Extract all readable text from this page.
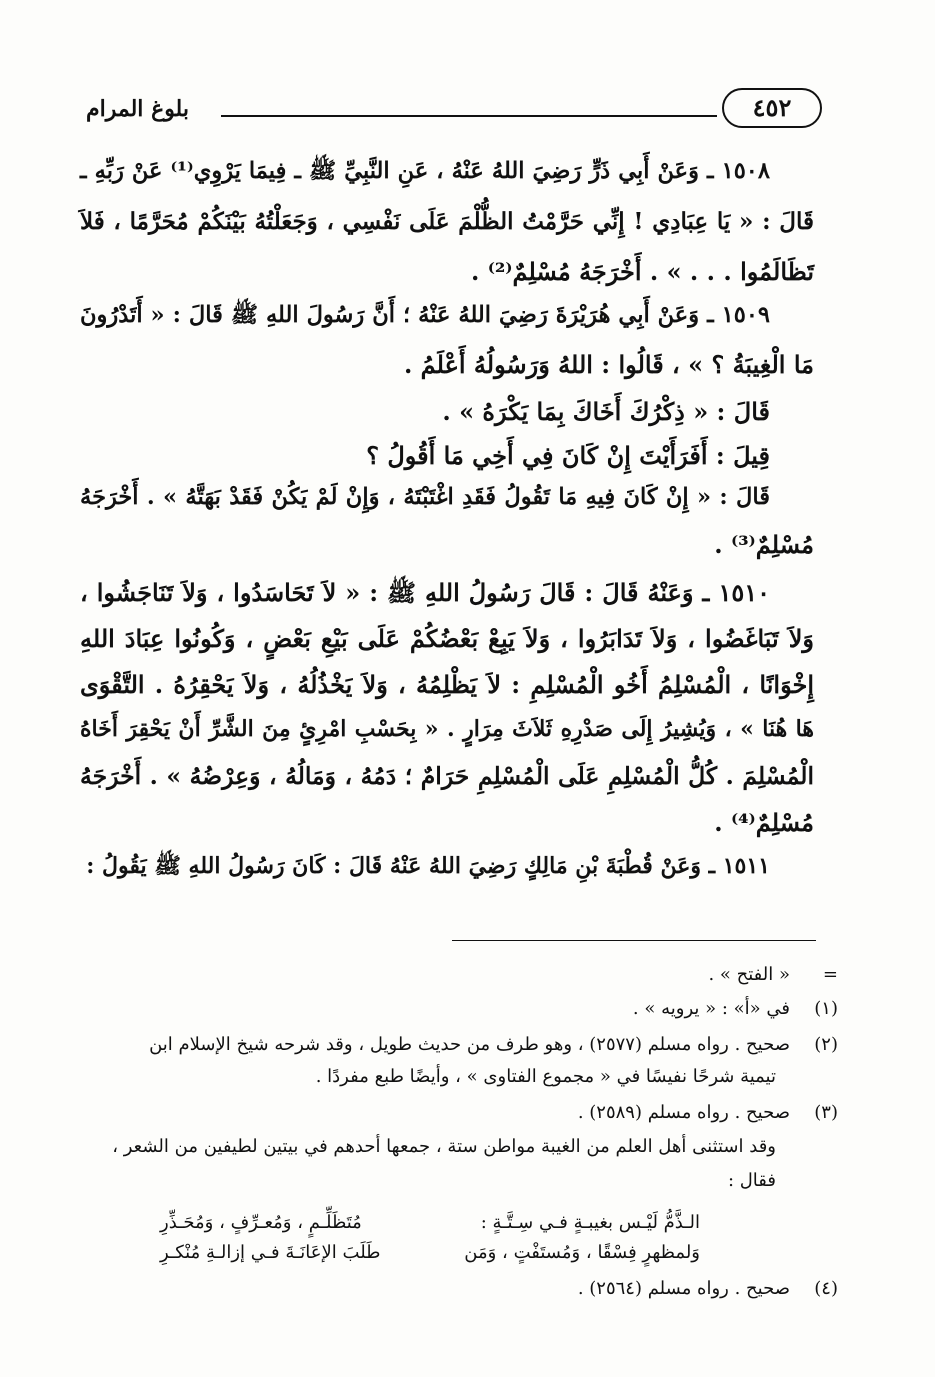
بلوغ المرام	٤٥٢
١٥٠٨ ـ وَعَنْ أَبِي ذَرٍّ رَضِيَ اللهُ عَنْهُ ، عَنِ النَّبِيِّ ﷺ ـ فِيمَا يَرْوِي⁽¹⁾ عَنْ رَبِّهِ ـ
قَالَ : « يَا عِبَادِي ! إِنِّي حَرَّمْتُ الظُّلْمَ عَلَى نَفْسِي ، وَجَعَلْتُهُ بَيْنَكُمْ مُحَرَّمًا ، فَلاَ
تَظَالَمُوا . . . » . أَخْرَجَهُ مُسْلِمٌ⁽²⁾ .
١٥٠٩ ـ وَعَنْ أَبِي هُرَيْرَةَ رَضِيَ اللهُ عَنْهُ ؛ أَنَّ رَسُولَ اللهِ ﷺ قَالَ : « أَتَدْرُونَ
مَا الْغِيبَةُ ؟ » ، قَالُوا : اللهُ وَرَسُولُهُ أَعْلَمُ .
قَالَ : « ذِكْرُكَ أَخَاكَ بِمَا يَكْرَهُ » .
قِيلَ : أَفَرَأَيْتَ إِنْ كَانَ فِي أَخِي مَا أَقُولُ ؟
قَالَ : « إِنْ كَانَ فِيهِ مَا تَقُولُ فَقَدِ اغْتَبْتَهُ ، وَإِنْ لَمْ يَكُنْ فَقَدْ بَهَتَّهُ » . أَخْرَجَهُ
مُسْلِمٌ⁽³⁾ .
١٥١٠ ـ وَعَنْهُ قَالَ : قَالَ رَسُولُ اللهِ ﷺ : « لاَ تَحَاسَدُوا ، وَلاَ تَنَاجَشُوا ،
وَلاَ تَبَاغَضُوا ، وَلاَ تَدَابَرُوا ، وَلاَ يَبِعْ بَعْضُكُمْ عَلَى بَيْعِ بَعْضٍ ، وَكُونُوا عِبَادَ اللهِ
إِخْوَانًا ، الْمُسْلِمُ أَخُو الْمُسْلِمِ : لاَ يَظْلِمُهُ ، وَلاَ يَخْذُلُهُ ، وَلاَ يَحْقِرُهُ . التَّقْوَى
هَا هُنَا » ، وَيُشِيرُ إِلَى صَدْرِهِ ثَلاَثَ مِرَارٍ . « بِحَسْبِ امْرِئٍ مِنَ الشَّرِّ أَنْ يَحْقِرَ أَخَاهُ
الْمُسْلِمَ . كُلُّ الْمُسْلِمِ عَلَى الْمُسْلِمِ حَرَامٌ ؛ دَمُهُ ، وَمَالُهُ ، وَعِرْضُهُ » . أَخْرَجَهُ
مُسْلِمٌ⁽⁴⁾ .
١٥١١ ـ وَعَنْ قُطْبَةَ بْنِ مَالِكٍ رَضِيَ اللهُ عَنْهُ قَالَ : كَانَ رَسُولُ اللهِ ﷺ يَقُولُ :
=« الفتح » .
(١)في «أ» : « يرويه » .
(٢)صحيح . رواه مسلم (٢٥٧٧) ، وهو طرف من حديث طويل ، وقد شرحه شيخ الإسلام ابن
تيمية شرحًا نفيسًا في « مجموع الفتاوى » ، وأيضًا طبع مفردًا .
(٣)صحيح . رواه مسلم (٢٥٨٩) .
وقد استثنى أهل العلم من الغيبة مواطن ستة ، جمعها أحدهم في بيتين لطيفين من الشعر ،
فقال :
الـذَّمُّ لَيْـس بغيبـةٍ فـي سِـتَّـةٍ :
مُتَظَلِّـمٍ ، وَمُعـرِّفٍ ، وَمُحَـذِّرِ
وَلمظهرٍ فِسْقًا ، وَمُستَفْتٍ ، وَمَن
طَلَبَ الإعَانَـةَ فـي إزالـةِ مُنْكـرِ
(٤)صحيح . رواه مسلم (٢٥٦٤) .
